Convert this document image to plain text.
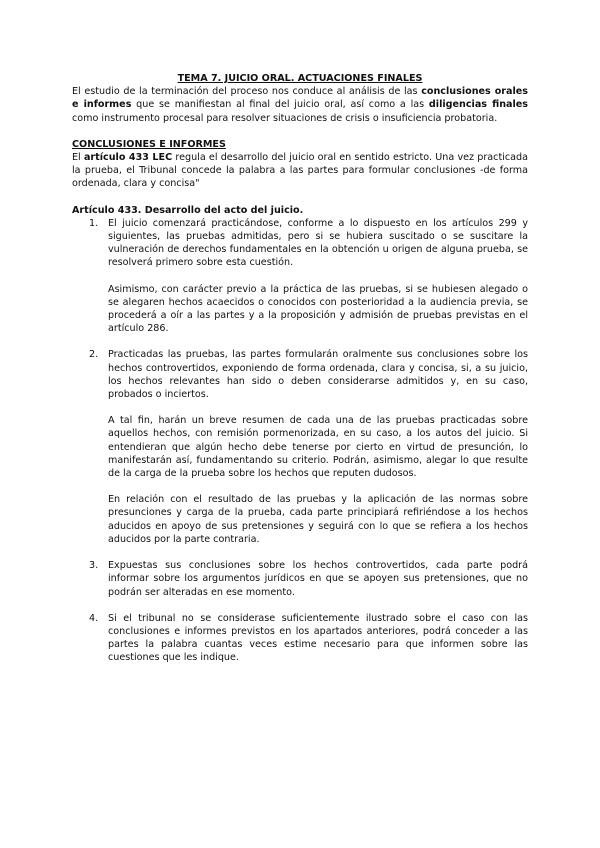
TEMA 7. JUICIO ORAL. ACTUACIONES FINALES

El estudio de la terminación del proceso nos conduce al análisis de las conclusiones orales e informes que se manifiestan al final del juicio oral, así como a las diligencias finales como instrumento procesal para resolver situaciones de crisis o insuficiencia probatoria.

CONCLUSIONES E INFORMES

El artículo 433 LEC regula el desarrollo del juicio oral en sentido estricto. Una vez practicada la prueba, el Tribunal concede la palabra a las partes para formular conclusiones -de forma ordenada, clara y concisa"

Artículo 433. Desarrollo del acto del juicio.

1. El juicio comenzará practicándose, conforme a lo dispuesto en los artículos 299 y siguientes, las pruebas admitidas, pero si se hubiera suscitado o se suscitare la vulneración de derechos fundamentales en la obtención u origen de alguna prueba, se resolverá primero sobre esta cuestión.

Asimismo, con carácter previo a la práctica de las pruebas, si se hubiesen alegado o se alegaren hechos acaecidos o conocidos con posterioridad a la audiencia previa, se procederá a oír a las partes y a la proposición y admisión de pruebas previstas en el artículo 286.

2. Practicadas las pruebas, las partes formularán oralmente sus conclusiones sobre los hechos controvertidos, exponiendo de forma ordenada, clara y concisa, si, a su juicio, los hechos relevantes han sido o deben considerarse admitidos y, en su caso, probados o inciertos.

A tal fin, harán un breve resumen de cada una de las pruebas practicadas sobre aquellos hechos, con remisión pormenorizada, en su caso, a los autos del juicio. Si entendieran que algún hecho debe tenerse por cierto en virtud de presunción, lo manifestarán así, fundamentando su criterio. Podrán, asimismo, alegar lo que resulte de la carga de la prueba sobre los hechos que reputen dudosos.

En relación con el resultado de las pruebas y la aplicación de las normas sobre presunciones y carga de la prueba, cada parte principiará refiriéndose a los hechos aducidos en apoyo de sus pretensiones y seguirá con lo que se refiera a los hechos aducidos por la parte contraria.

3. Expuestas sus conclusiones sobre los hechos controvertidos, cada parte podrá informar sobre los argumentos jurídicos en que se apoyen sus pretensiones, que no podrán ser alteradas en ese momento.

4. Si el tribunal no se considerase suficientemente ilustrado sobre el caso con las conclusiones e informes previstos en los apartados anteriores, podrá conceder a las partes la palabra cuantas veces estime necesario para que informen sobre las cuestiones que les indique.
